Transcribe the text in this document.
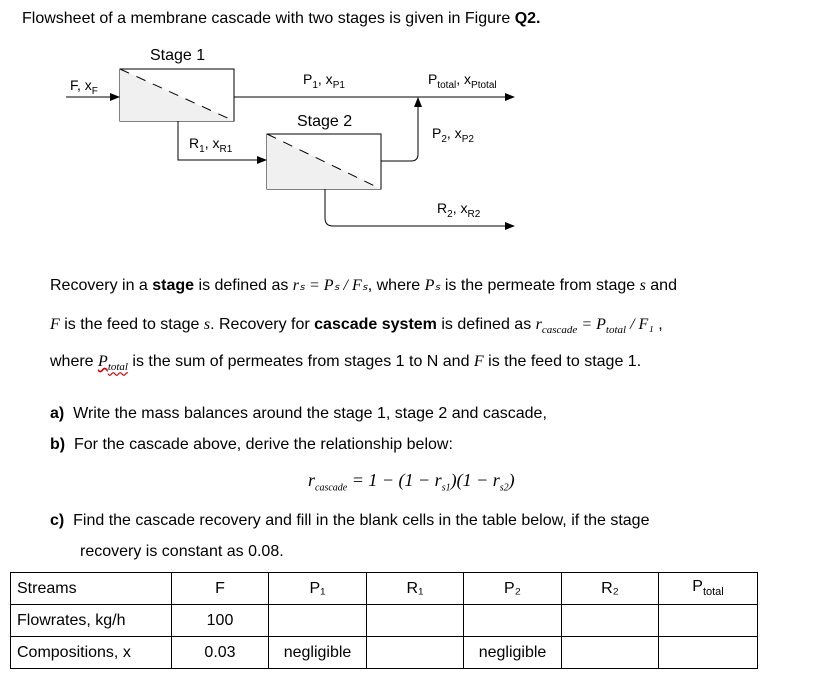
Flowsheet of a membrane cascade with two stages is given in Figure Q2.
Stage 1
Stage 2
F, $x_F$
$P_1$, $x_{P1}$	$P_{total}$, $x_{Ptotal}$
$R_1$, $x_{R1}$
$P_2$, $x_{P2}$
$R_2$, $x_{R2}$
Recovery in a stage is defined as rₛ = Pₛ / Fₛ, where Pₛ is the permeate from stage s and
F is the feed to stage s. Recovery for cascade system is defined as $r_{cascade} = P_{total} / F_1$ ,
where $P_{total}$ is the sum of permeates from stages 1 to N and F is the feed to stage 1.
a) Write the mass balances around the stage 1, stage 2 and cascade,
b) For the cascade above, derive the relationship below:
$r_{cascade} = 1 - (1 - r_{s1})(1 - r_{s2})$
c) Find the cascade recovery and fill in the blank cells in the table below, if the stage
recovery is constant as 0.08.
Streams	F	P₁	R₁	P₂	R₂	$P_{total}$
Flowrates, kg/h	100					
Compositions, x	0.03	negligible		negligible		
